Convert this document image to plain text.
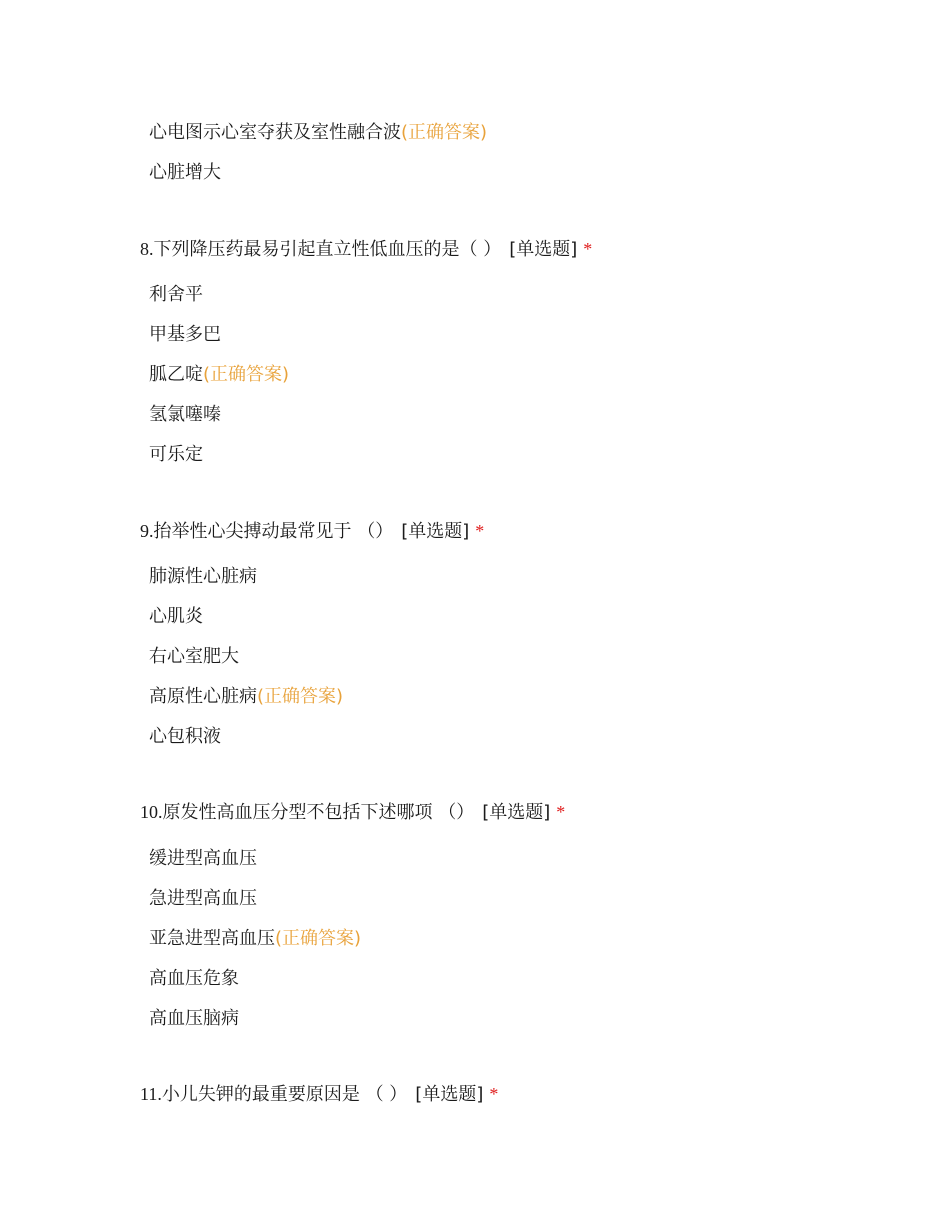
心电图示心室夺获及室性融合波(正确答案)
心脏增大
8.下列降压药最易引起直立性低血压的是（ ） [单选题] *
利舍平
甲基多巴
胍乙啶(正确答案)
氢氯噻嗪
可乐定
9.抬举性心尖搏动最常见于 （） [单选题] *
肺源性心脏病
心肌炎
右心室肥大
高原性心脏病(正确答案)
心包积液
10.原发性高血压分型不包括下述哪项 （） [单选题] *
缓进型高血压
急进型高血压
亚急进型高血压(正确答案)
高血压危象
高血压脑病
11.小儿失钾的最重要原因是 （ ） [单选题] *
